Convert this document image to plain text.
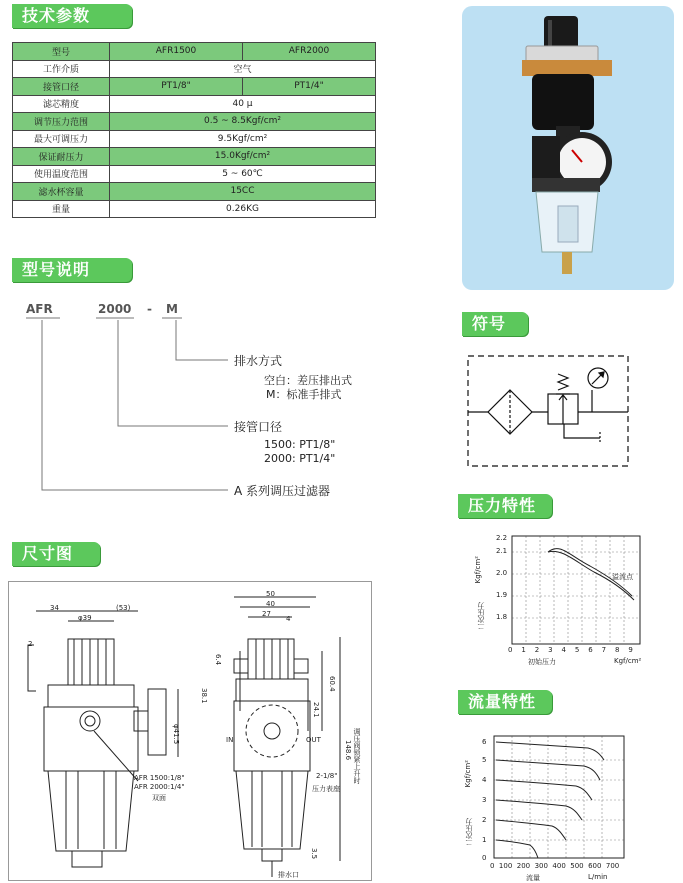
技术参数
型号说明
尺寸图
符号
压力特性
流量特性
型号	AFR1500	AFR2000
工作介质	空气	
接管口径	PT1/8"	PT1/4"
滤芯精度	40 μ	
调节压力范围	0.5 ~ 8.5Kgf/cm²	
最大可调压力	9.5Kgf/cm²	
保证耐压力	15.0Kgf/cm²	
使用温度范围	5 ~ 60℃	
滤水杯容量	15CC	
重量	0.26KG	
AFR	2000 - M
排水方式
空白：差压排出式
M：标准手排式
接管口径
1500: PT1/8"
2000: PT1/4"
A 系列调压过滤器
34	(53)
φ39
2
φ41.5
AFR 1500:1/8"
AFR 2000:1/4"
双面
50
40
27
4
6.4
38.1
60.4
24.1
148.6 调压阀锁紧上升时
IN	OUT
2-1/8"
压力表座
3.5
排水口
溢流点
2.2
2.1
2.0
1.9
1.8
Kgf/cm²
二次压力
0 1 2 3 4 5 6 7 8 9
初始压力	Kgf/cm²
6
5
4
3
2
1
0
Kgf/cm²
二次压力
0 100 200 300 400 500 600 700
流量	L/min
